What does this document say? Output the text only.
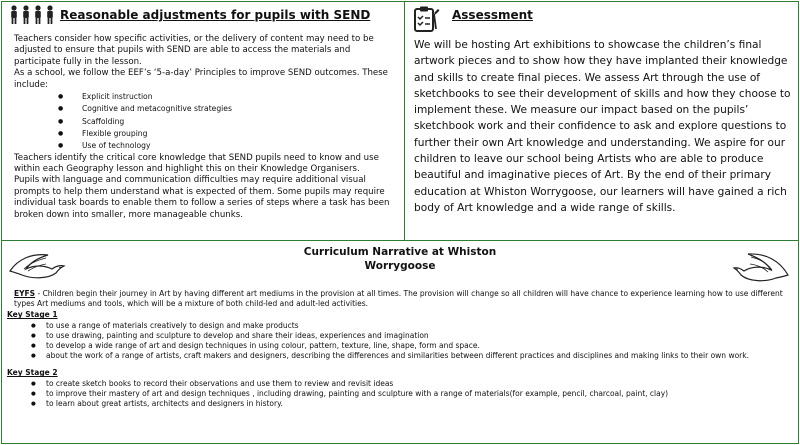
Reasonable adjustments for pupils with SEND

Teachers consider how specific activities, or the delivery of content may need to be adjusted to ensure that pupils with SEND are able to access the materials and participate fully in the lesson.

As a school, we follow the EEF’s ‘5-a-day’ Principles to improve SEND outcomes. These include:

● Explicit instruction
● Cognitive and metacognitive strategies
● Scaffolding
● Flexible grouping
● Use of technology

Teachers identify the critical core knowledge that SEND pupils need to know and use within each Geography lesson and highlight this on their Knowledge Organisers.

Pupils with language and communication difficulties may require additional visual prompts to help them understand what is expected of them. Some pupils may require individual task boards to enable them to follow a series of steps where a task has been broken down into smaller, more manageable chunks.

Assessment
We will be hosting Art exhibitions to showcase the children’s final artwork pieces and to show how they have implanted their knowledge and skills to create final pieces. We assess Art through the use of sketchbooks to see their development of skills and how they choose to implement these. We measure our impact based on the pupils’ sketchbook work and their confidence to ask and explore questions to further their own Art knowledge and understanding. We aspire for our children to leave our school being Artists who are able to produce beautiful and imaginative pieces of Art. By the end of their primary education at Whiston Worrygoose, our learners will have gained a rich body of Art knowledge and a wide range of skills.
Curriculum Narrative at Whiston
Worrygoose
EYFS - Children begin their journey in Art by having different art mediums in the provision at all times. The provision will change so all children will have chance to experience learning how to use different types Art mediums and tools, which will be a mixture of both child-led and adult-led activities.
Key Stage 1
● to use a range of materials creatively to design and make products
● to use drawing, painting and sculpture to develop and share their ideas, experiences and imagination
● to develop a wide range of art and design techniques in using colour, pattern, texture, line, shape, form and space.
● about the work of a range of artists, craft makers and designers, describing the differences and similarities between different practices and disciplines and making links to their own work.
Key Stage 2
● to create sketch books to record their observations and use them to review and revisit ideas
● to improve their mastery of art and design techniques , including drawing, painting and sculpture with a range of materials(for example, pencil, charcoal, paint, clay)
● to learn about great artists, architects and designers in history.
